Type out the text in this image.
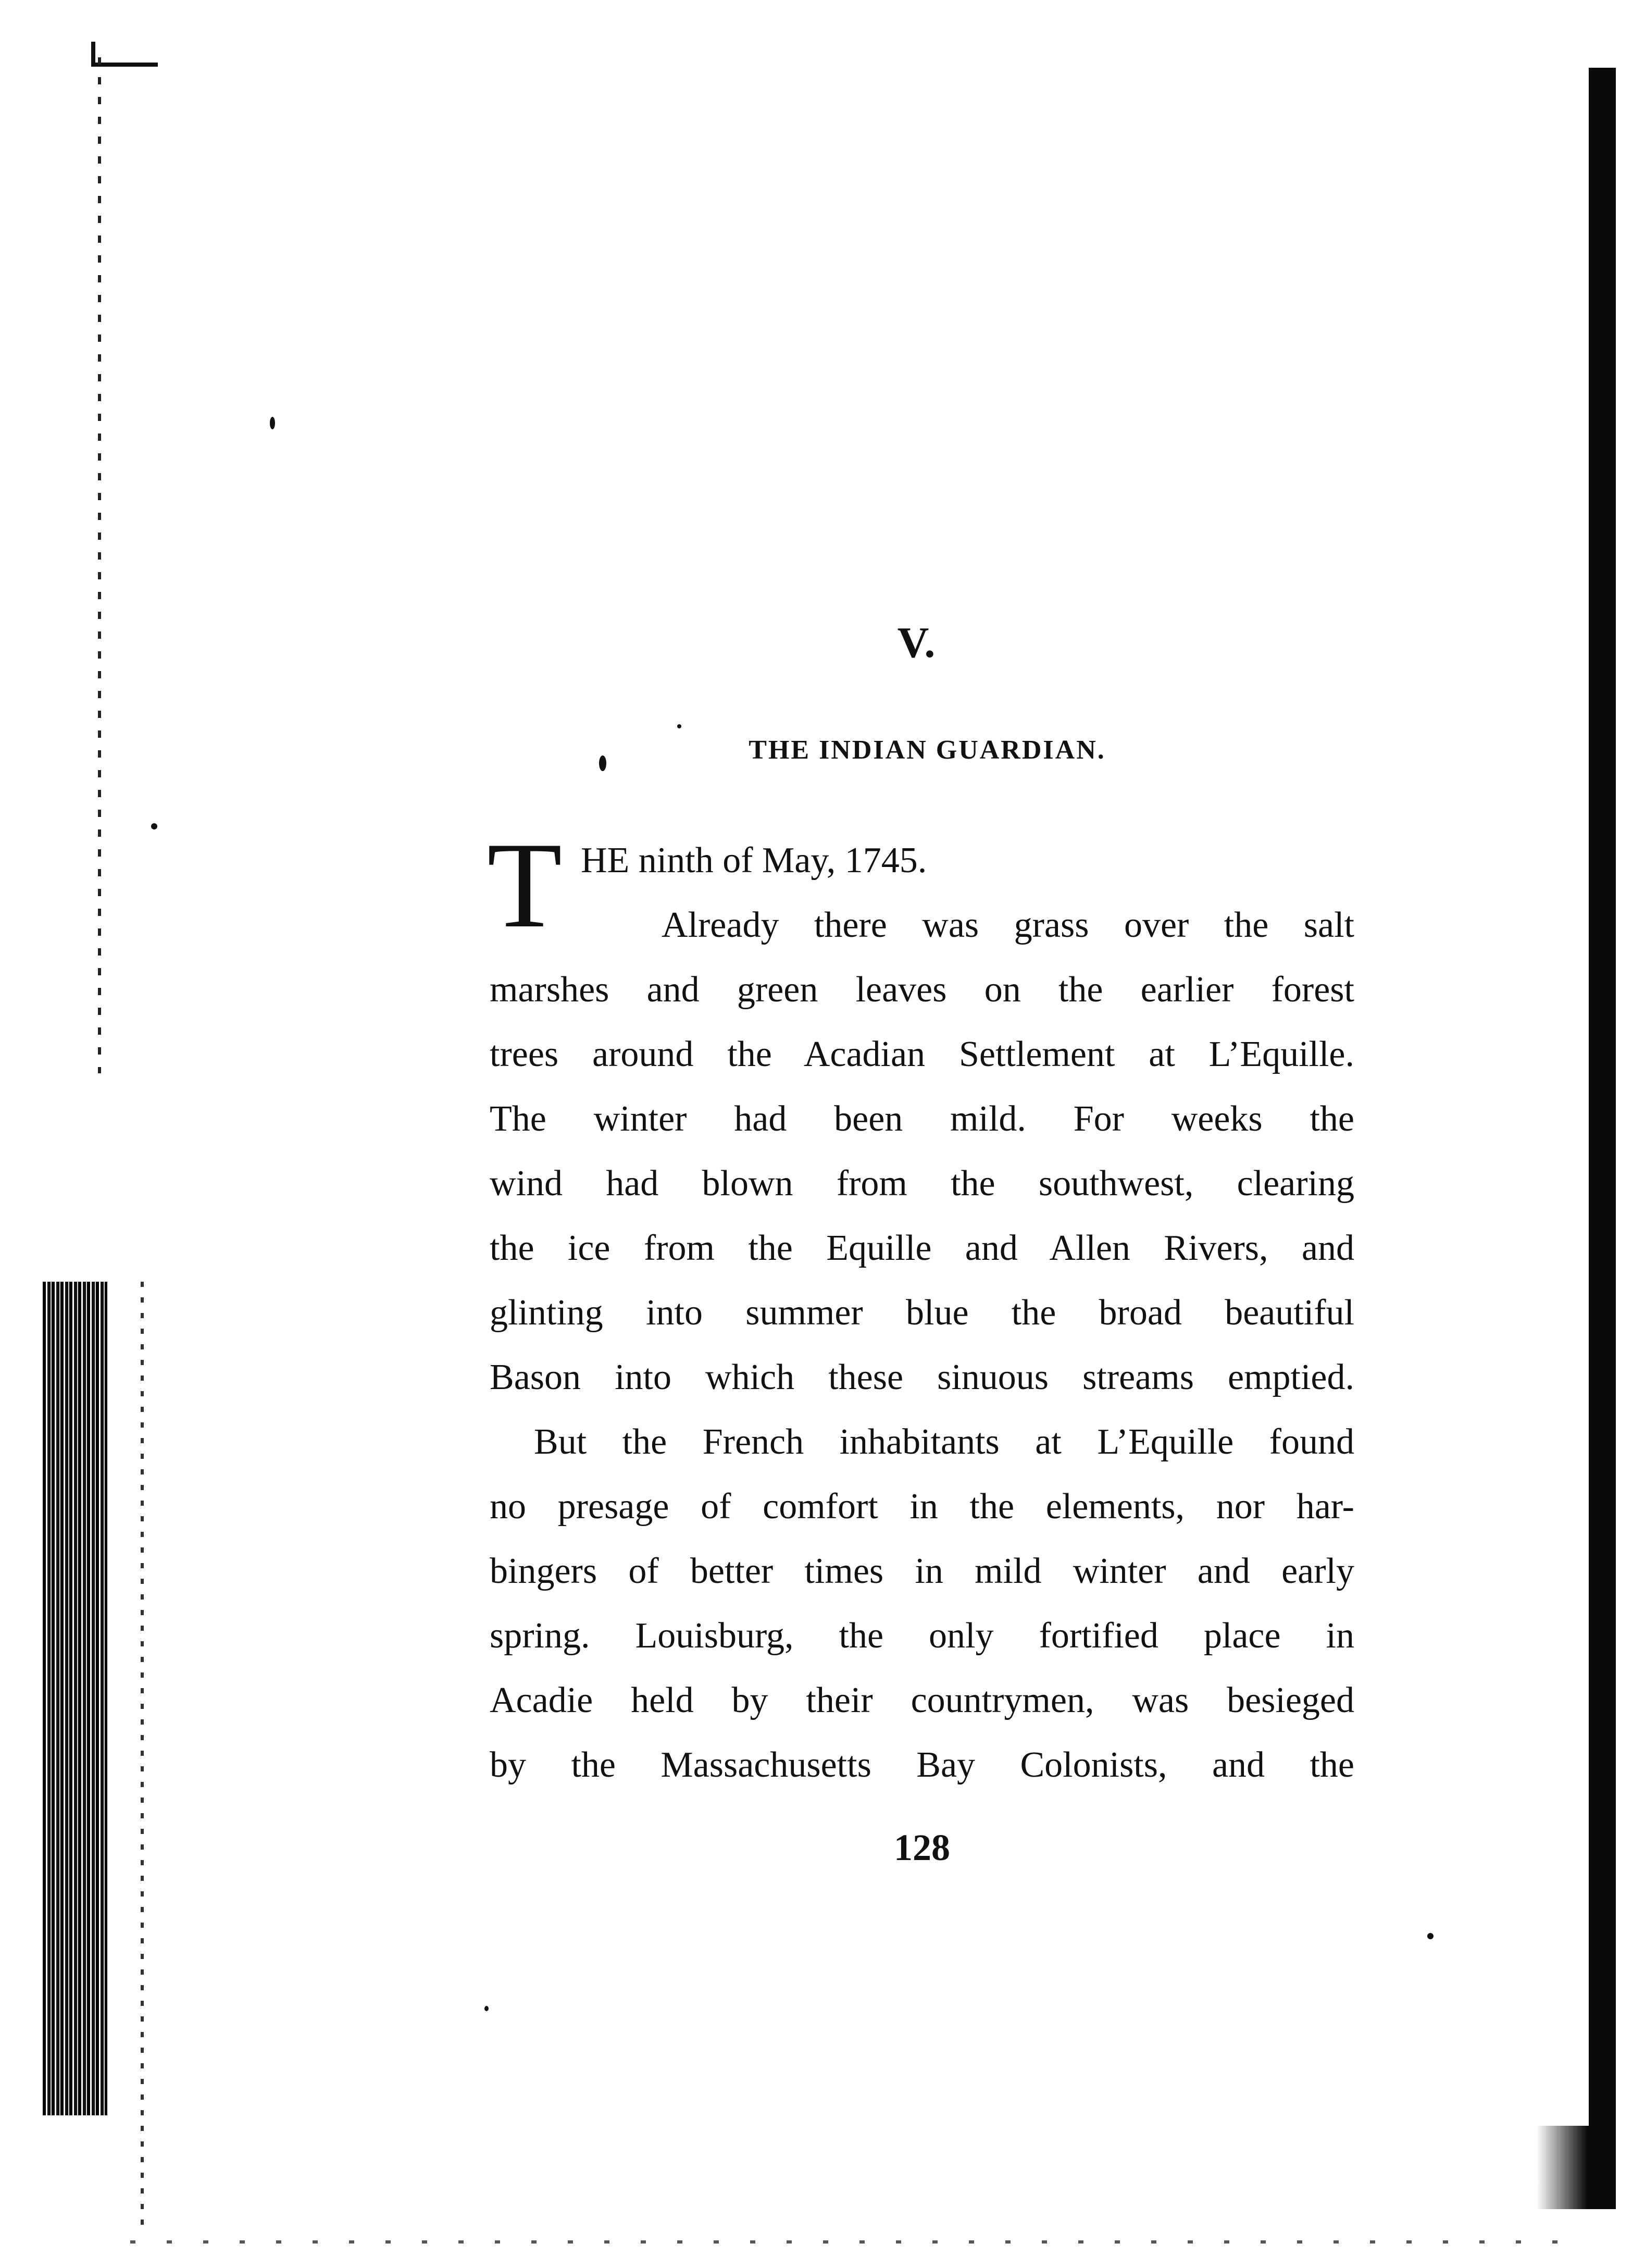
V.
THE INDIAN GUARDIAN.
T HE ninth of May, 1745.
Already there was grass over the salt
marshes and green leaves on the earlier forest
trees around the Acadian Settlement at L’Equille.
The winter had been mild. For weeks the
wind had blown from the southwest, clearing
the ice from the Equille and Allen Rivers, and
glinting into summer blue the broad beautiful
Bason into which these sinuous streams emptied.
But the French inhabitants at L’Equille found
no presage of comfort in the elements, nor har-
bingers of better times in mild winter and early
spring. Louisburg, the only fortified place in
Acadie held by their countrymen, was besieged
by the Massachusetts Bay Colonists, and the
128
